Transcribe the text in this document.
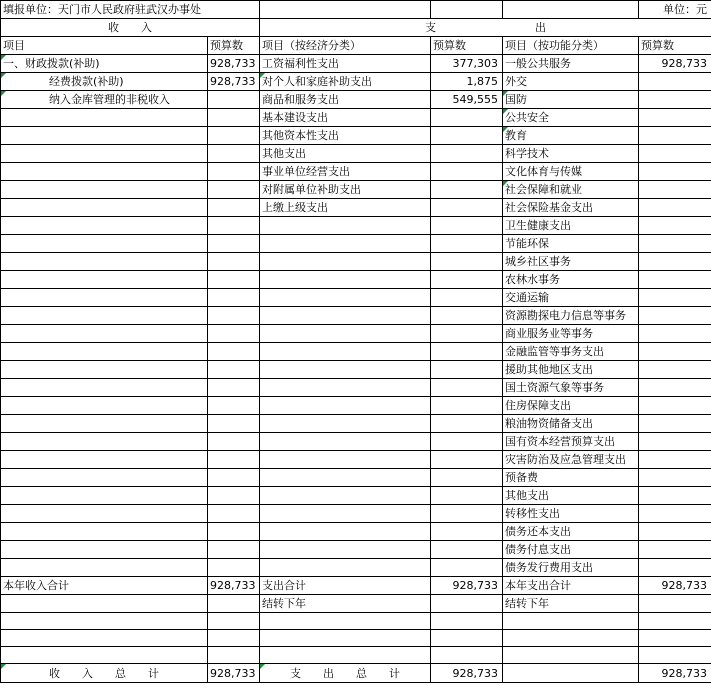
填报单位：天门市人民政府驻武汉办事处					单位：元
收　　入		支　　　　　　　　　出			
项目	预算数	项目（按经济分类）	预算数	项目（按功能分类）	预算数
一、财政拨款(补助)	928,733	工资福利性支出	377,303	一般公共服务	928,733
经费拨款(补助)	928,733	对个人和家庭补助支出	1,875	外交	
纳入金库管理的非税收入		商品和服务支出	549,555	国防	
		基本建设支出		公共安全	
		其他资本性支出		教育	
		其他支出		科学技术	
		事业单位经营支出		文化体育与传媒	
		对附属单位补助支出		社会保障和就业	
		上缴上级支出		社会保险基金支出	
				卫生健康支出	
				节能环保	
				城乡社区事务	
				农林水事务	
				交通运输	
				资源勘探电力信息等事务	
				商业服务业等事务	
				金融监管等事务支出	
				援助其他地区支出	
				国土资源气象等事务	
				住房保障支出	
				粮油物资储备支出	
				国有资本经营预算支出	
				灾害防治及应急管理支出	
				预备费	
				其他支出	
				转移性支出	
				债务还本支出	
				债务付息支出	
				债务发行费用支出	
本年收入合计	928,733	支出合计	928,733	本年支出合计	928,733
		结转下年		结转下年	

收　　入　　总　　计	928,733	支　　出　　总　　计	928,733		928,733
